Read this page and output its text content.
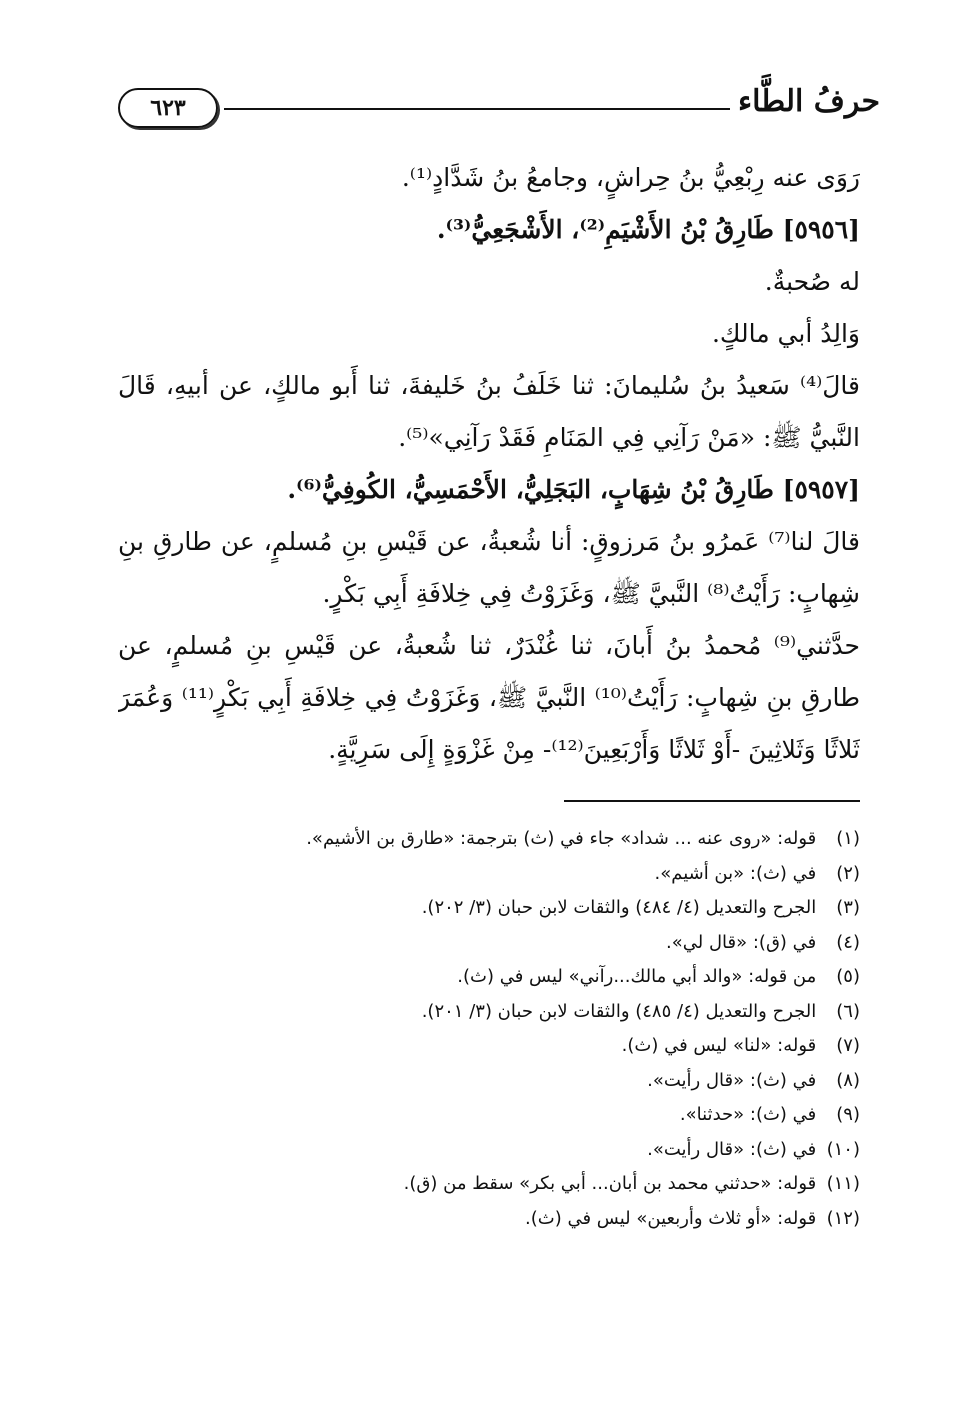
حرفُ الطَّاء
٦٢٣
رَوَى عنه رِبْعِيُّ بنُ حِراشٍ، وجامعُ بنُ شَدَّادٍ⁽¹⁾.
[٥٩٥٦] طَارِقُ بْنُ الأَشْيَمِ⁽²⁾، الأَشْجَعِيُّ⁽³⁾.
له صُحبةٌ.
وَالِدُ أبي مالكٍ.
قالَ⁽⁴⁾ سَعيدُ بنُ سُليمانَ: ثنا خَلَفُ بنُ خَليفةَ، ثنا أَبو مالكٍ، عن أبيهِ، قَالَ
النَّبيُّ ﷺ: «مَنْ رَآنِي فِي المَنَامِ فَقَدْ رَآنِي»⁽⁵⁾.
[٥٩٥٧] طَارِقُ بْنُ شِهَابٍ، البَجَلِيُّ، الأَحْمَسِيُّ، الكُوفِيُّ⁽⁶⁾.
قالَ لنا⁽⁷⁾ عَمرُو بنُ مَرزوقٍ: أنا شُعبةُ، عن قَيْسِ بنِ مُسلمٍ، عن طارقِ بنِ
شِهابٍ: رَأَيْتُ⁽⁸⁾ النَّبيَّ ﷺ، وَغَزَوْتُ فِي خِلافَةِ أَبِي بَكْرٍ.
حدَّثني⁽⁹⁾ مُحمدُ بنُ أَبانَ، ثنا غُنْدَرٌ، ثنا شُعبةُ، عن قَيْسِ بنِ مُسلمٍ، عن
طارقِ بنِ شِهابٍ: رَأَيْتُ⁽¹⁰⁾ النَّبيَّ ﷺ، وَغَزَوْتُ فِي خِلافَةِ أَبِي بَكْرٍ⁽¹¹⁾ وَعُمَرَ
ثَلاثًا وَثَلاثِينَ -أَوْ ثَلاثًا وَأَرْبَعِينَ⁽¹²⁾- مِنْ غَزْوَةٍ إِلَى سَرِيَّةٍ.
(١) قوله: «روى عنه ... شداد» جاء في (ث) بترجمة: «طارق بن الأشيم».
(٢) في (ث): «بن أشيم».
(٣) الجرح والتعديل (٤/ ٤٨٤) والثقات لابن حبان (٣/ ٢٠٢).
(٤) في (ق): «قال لي».
(٥) من قوله: «والد أبي مالك...رآني» ليس في (ث).
(٦) الجرح والتعديل (٤/ ٤٨٥) والثقات لابن حبان (٣/ ٢٠١).
(٧) قوله: «لنا» ليس في (ث).
(٨) في (ث): «قال رأيت».
(٩) في (ث): «حدثنا».
(١٠) في (ث): «قال رأيت».
(١١) قوله: «حدثني محمد بن أبان... أبي بكر» سقط من (ق).
(١٢) قوله: «أو ثلاث وأربعين» ليس في (ث).
